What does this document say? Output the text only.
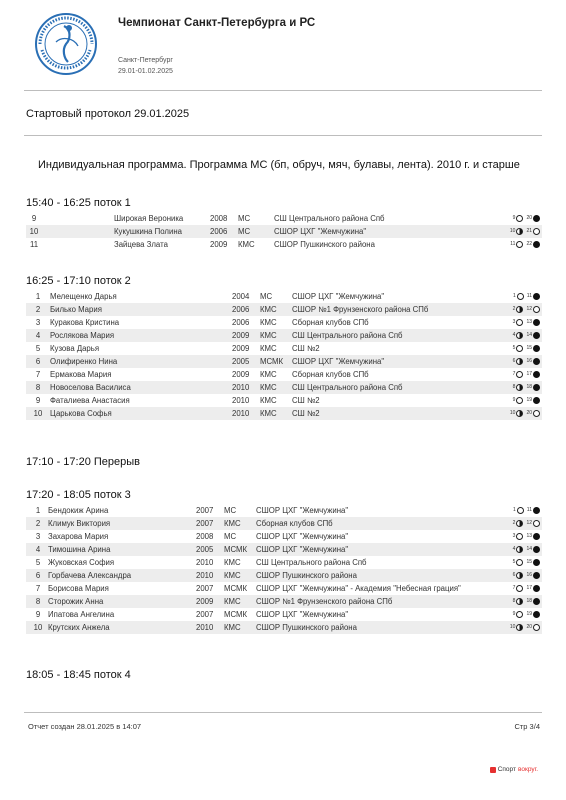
Чемпионат Санкт-Петербурга и РС
Санкт-Петербург
29.01-01.02.2025
Стартовый протокол 29.01.2025
Индивидуальная программа. Программа МС (бп, обруч, мяч, булавы, лента). 2010 г. и старше
15:40 - 16:25 поток 1
9	Широкая Вероника	2008 МС	СШ Центрального района Спб	9 20
10	Кукушкина Полина	2006 МС	СШОР ЦХГ "Жемчужина"	10 21
11	Зайцева Злата	2009 КМС СШОР Пушкинского района	11 22
16:25 - 17:10 поток 2
1	Мелещенко Дарья	2004 МС	СШОР ЦХГ "Жемчужина"	1 11
2	Билько Мария	2006 КМС СШОР №1 Фрунзенского района СПб	2 12
3	Куракова Кристина	2006 КМС Сборная клубов СПб	3 13
4	Рослякова Мария	2009 КМС СШ Центрального района Спб	4 14
5	Кузова Дарья	2009 КМС СШ №2	5 15
6	Олифиренко Нина	2005 МСМК СШОР ЦХГ "Жемчужина"	6 16
7	Ермакова Мария	2009 КМС Сборная клубов СПб	7 17
8	Новоселова Василиса	2010 КМС СШ Центрального района Спб	8 18
9	Фаталиева Анастасия	2010 КМС СШ №2	9 19
10 Царькова Софья	2010 КМС СШ №2	10 20
17:10 - 17:20 Перерыв
17:20 - 18:05 поток 3
1	Бендокиж Арина	2007 МС	СШОР ЦХГ "Жемчужина"	1 11
2	Климук Виктория	2007 КМС Сборная клубов СПб	2 12
3	Захарова Мария	2008 МС	СШОР ЦХГ "Жемчужина"	3 13
4	Тимошина Арина	2005 МСМК СШОР ЦХГ "Жемчужина"	4 14
5	Жуковская София	2010 КМС СШ Центрального района Спб	5 15
6	Горбачева Александра	2010 КМС СШОР Пушкинского района	6 16
7	Борисова Мария	2007 МСМК СШОР ЦХГ "Жемчужина" - Академия "Небесная грация"	7 17
8	Сторожик Анна	2009 КМС СШОР №1 Фрунзенского района СПб	8 18
9	Ипатова Ангелина	2007 МСМК СШОР ЦХГ "Жемчужина"	9 19
10 Крутских Анжела	2010 КМС СШОР Пушкинского района	10 20
18:05 - 18:45 поток 4
Отчет создан 28.01.2025 в 14:07	Стр 3/4
Спорт вокруг.
